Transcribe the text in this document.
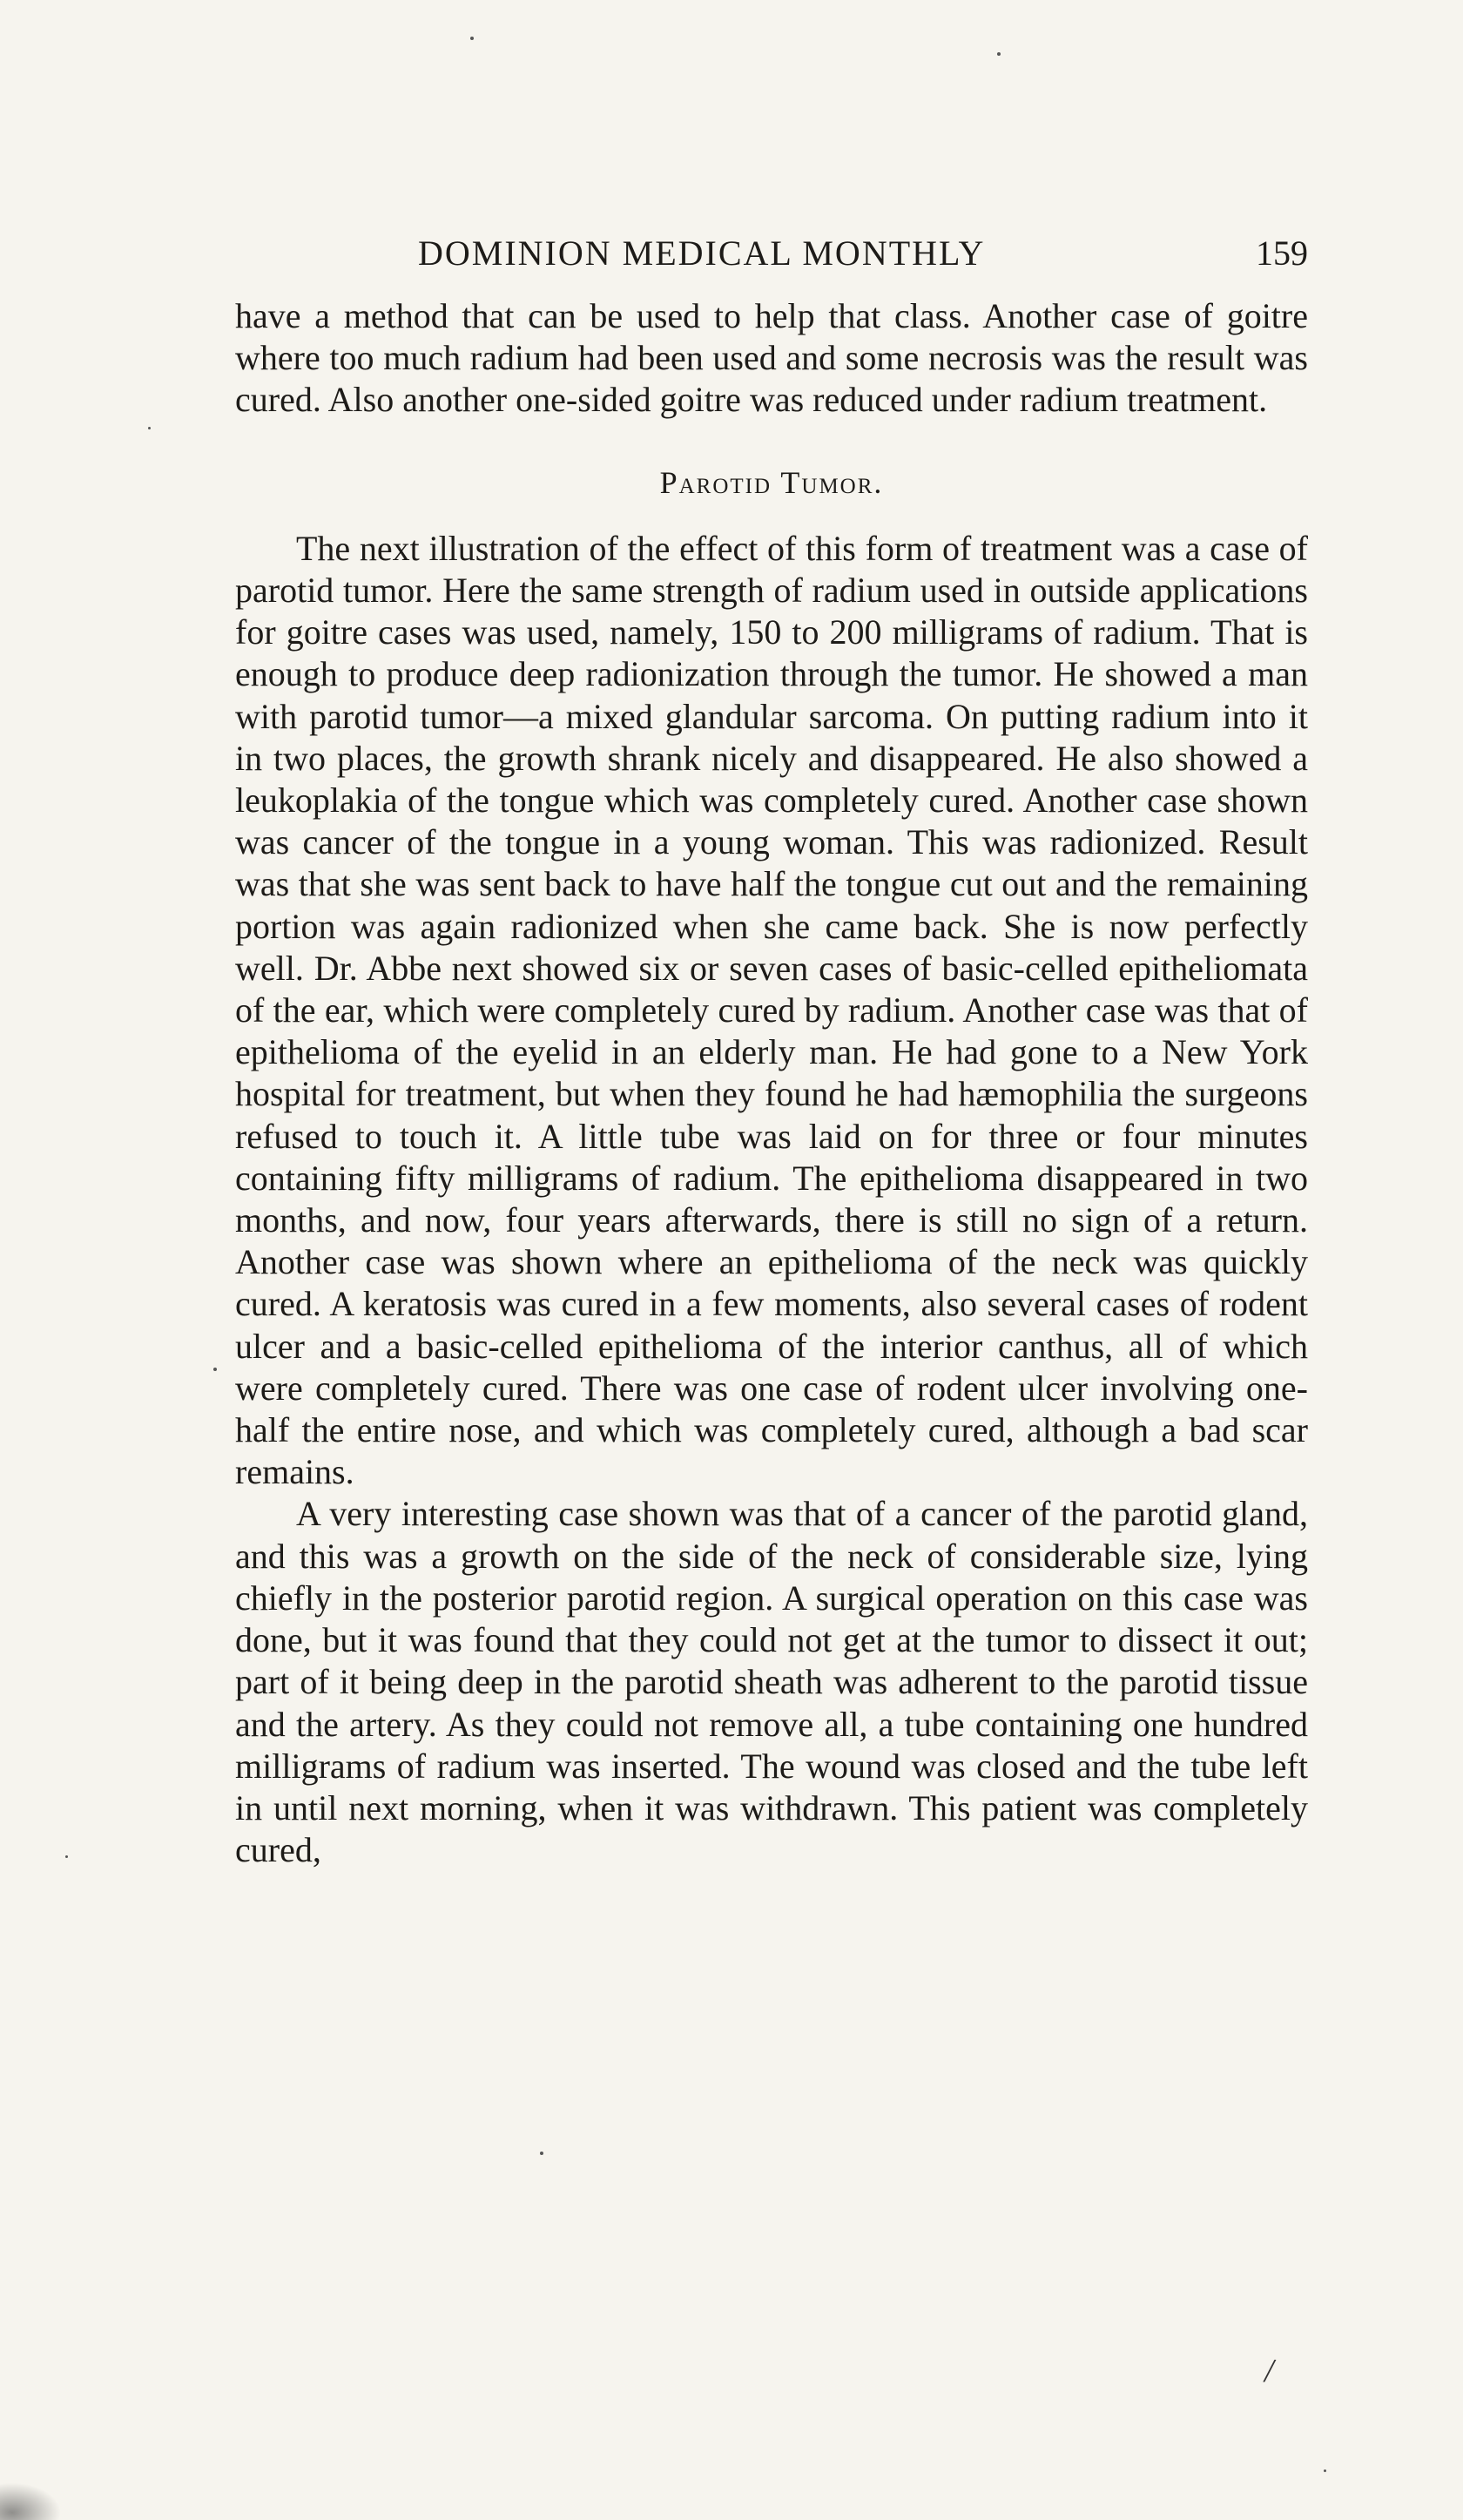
DOMINION MEDICAL MONTHLY	159

have a method that can be used to help that class. Another case of goitre where too much radium had been used and some necrosis was the result was cured. Also another one-sided goitre was reduced under radium treatment.

Parotid Tumor.

The next illustration of the effect of this form of treatment was a case of parotid tumor. Here the same strength of radium used in outside applications for goitre cases was used, namely, 150 to 200 milligrams of radium. That is enough to produce deep radionization through the tumor. He showed a man with parotid tumor—a mixed glandular sarcoma. On putting radium into it in two places, the growth shrank nicely and disappeared. He also showed a leukoplakia of the tongue which was completely cured. Another case shown was cancer of the tongue in a young woman. This was radionized. Result was that she was sent back to have half the tongue cut out and the remaining portion was again radionized when she came back. She is now perfectly well. Dr. Abbe next showed six or seven cases of basic-celled epitheliomata of the ear, which were completely cured by radium. Another case was that of epithelioma of the eyelid in an elderly man. He had gone to a New York hospital for treatment, but when they found he had hæmophilia the surgeons refused to touch it. A little tube was laid on for three or four minutes containing fifty milligrams of radium. The epithelioma disappeared in two months, and now, four years afterwards, there is still no sign of a return. Another case was shown where an epithelioma of the neck was quickly cured. A keratosis was cured in a few moments, also several cases of rodent ulcer and a basic-celled epithelioma of the interior canthus, all of which were completely cured. There was one case of rodent ulcer involving one-half the entire nose, and which was completely cured, although a bad scar remains.

A very interesting case shown was that of a cancer of the parotid gland, and this was a growth on the side of the neck of considerable size, lying chiefly in the posterior parotid region. A surgical operation on this case was done, but it was found that they could not get at the tumor to dissect it out; part of it being deep in the parotid sheath was adherent to the parotid tissue and the artery. As they could not remove all, a tube containing one hundred milligrams of radium was inserted. The wound was closed and the tube left in until next morning, when it was withdrawn. This patient was completely cured,

/
